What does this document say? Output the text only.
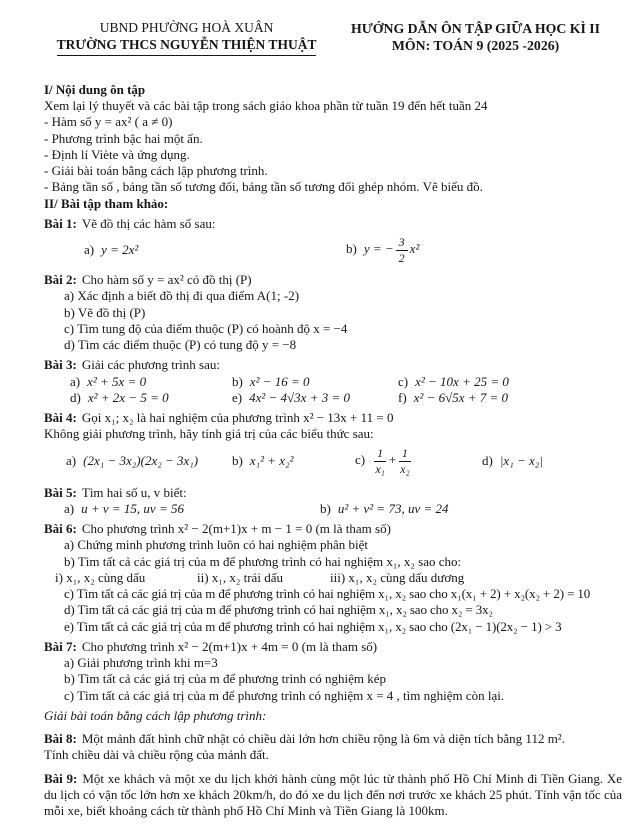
UBND PHƯỜNG HOÀ XUÂN
TRƯỜNG THCS NGUYỄN THIỆN THUẬT
HƯỚNG DẪN ÔN TẬP GIỮA HỌC KÌ II
MÔN: TOÁN 9 (2025 -2026)
I/ Nội dung ôn tập
Xem lại lý thuyết và các bài tập trong sách giáo khoa phần từ tuần 19 đến hết tuần 24
- Hàm số y = ax² ( a ≠ 0)
- Phương trình bậc hai một ẩn.
- Định lí Viète và ứng dụng.
- Giải bài toán bằng cách lập phương trình.
- Bảng tần số , bảng tần số tương đối, bảng tần số tương đối ghép nhóm. Vẽ biểu đồ.
II/ Bài tập tham khảo:
Bài 1: Vẽ đồ thị các hàm số sau:
a) y = 2x²	b) y = − $\frac{3}{2} x^2$
Bài 2: Cho hàm số y = ax² có đồ thị (P)
a) Xác định a biết đồ thị đi qua điểm A(1; -2)
b) Vẽ đồ thị (P)
c) Tìm tung độ của điểm thuộc (P) có hoành độ x = −4
d) Tìm các điểm thuộc (P) có tung độ y = −8
Bài 3: Giải các phương trình sau:
a) x² + 5x = 0	b) x² − 16 = 0	c) x² − 10x + 25 = 0
d) x² + 2x − 5 = 0	e) 4x² − 4√3x + 3 = 0	f) x² − 6√5x + 7 = 0
Bài 4: Gọi x₁; x₂ là hai nghiệm của phương trình x² − 13x + 11 = 0
Không giải phương trình, hãy tính giá trị của các biểu thức sau:
a) (2x₁ − 3x₂)(2x₂ − 3x₁)	b) x₁² + x₂²	$c) \frac{1}{\text{x₁}} + \frac{1}{\text{x₂}}$	d) |x₁ − x₂|
Bài 5: Tìm hai số u, v biết:
a) u + v = 15, uv = 56	b) u² + v² = 73, uv = 24
Bài 6: Cho phương trình x² − 2(m+1)x + m − 1 = 0 (m là tham số)
a) Chứng minh phương trình luôn có hai nghiệm phân biệt
b) Tìm tất cả các giá trị của m để phương trình có hai nghiệm x₁, x₂ sao cho:
i) x₁, x₂ cùng dấu	ii) x₁, x₂ trái dấu	iii) x₁, x₂ cùng dấu dương
c) Tìm tất cả các giá trị của m để phương trình có hai nghiệm x₁, x₂ sao cho x₁(x₁ + 2) + x₂(x₂ + 2) = 10
d) Tìm tất cả các giá trị của m để phương trình có hai nghiệm x₁, x₂ sao cho x₂ = 3x₂
e) Tìm tất cả các giá trị của m để phương trình có hai nghiệm x₁, x₂ sao cho (2x₁ − 1)(2x₂ − 1) > 3
Bài 7: Cho phương trình x² − 2(m+1)x + 4m = 0 (m là tham số)
a) Giải phương trình khi m=3
b) Tìm tất cả các giá trị của m để phương trình có nghiệm kép
c) Tìm tất cả các giá trị của m để phương trình có nghiệm x = 4 , tìm nghiệm còn lại.
Giải bài toán bằng cách lập phương trình:
Bài 8: Một mảnh đất hình chữ nhật có chiều dài lớn hơn chiều rộng là 6m và diện tích bằng 112 m².
Tính chiều dài và chiều rộng của mảnh đất.
Bài 9: Một xe khách và một xe du lịch khởi hành cùng một lúc từ thành phố Hồ Chí Minh đi Tiền Giang. Xe du lịch có vận tốc lớn hơn xe khách 20km/h, do đó xe du lịch đến nơi trước xe khách 25 phút. Tính vận tốc của mỗi xe, biết khoảng cách từ thành phố Hồ Chí Minh và Tiền Giang là 100km.
